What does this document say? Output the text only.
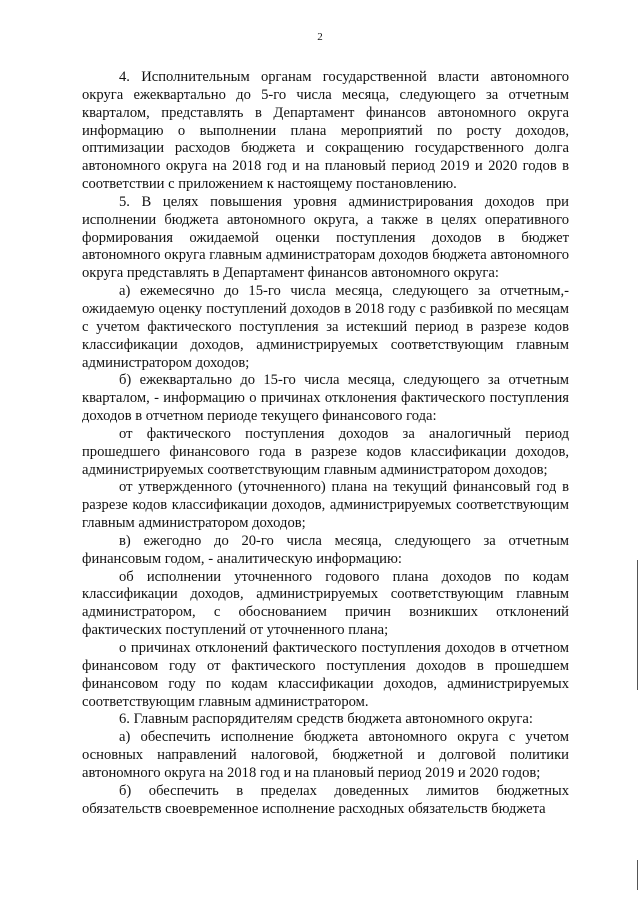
2

4. Исполнительным органам государственной власти автономного округа ежеквартально до 5-го числа месяца, следующего за отчетным кварталом, представлять в Департамент финансов автономного округа информацию о выполнении плана мероприятий по росту доходов, оптимизации расходов бюджета и сокращению государственного долга автономного округа на 2018 год и на плановый период 2019 и 2020 годов в соответствии с приложением к настоящему постановлению.

5. В целях повышения уровня администрирования доходов при исполнении бюджета автономного округа, а также в целях оперативного формирования ожидаемой оценки поступления доходов в бюджет автономного округа главным администраторам доходов бюджета автономного округа представлять в Департамент финансов автономного округа:

а) ежемесячно до 15-го числа месяца, следующего за отчетным,- ожидаемую оценку поступлений доходов в 2018 году с разбивкой по месяцам с учетом фактического поступления за истекший период в разрезе кодов классификации доходов, администрируемых соответствующим главным администратором доходов;

б) ежеквартально до 15-го числа месяца, следующего за отчетным кварталом, - информацию о причинах отклонения фактического поступления доходов в отчетном периоде текущего финансового года:

от фактического поступления доходов за аналогичный период прошедшего финансового года в разрезе кодов классификации доходов, администрируемых соответствующим главным администратором доходов;

от утвержденного (уточненного) плана на текущий финансовый год в разрезе кодов классификации доходов, администрируемых соответствующим главным администратором доходов;

в) ежегодно до 20-го числа месяца, следующего за отчетным финансовым годом, - аналитическую информацию:

об исполнении уточненного годового плана доходов по кодам классификации доходов, администрируемых соответствующим главным администратором, с обоснованием причин возникших отклонений фактических поступлений от уточненного плана;

о причинах отклонений фактического поступления доходов в отчетном финансовом году от фактического поступления доходов в прошедшем финансовом году по кодам классификации доходов, администрируемых соответствующим главным администратором.

6. Главным распорядителям средств бюджета автономного округа:

а) обеспечить исполнение бюджета автономного округа с учетом основных направлений налоговой, бюджетной и долговой политики автономного округа на 2018 год и на плановый период 2019 и 2020 годов;

б) обеспечить в пределах доведенных лимитов бюджетных обязательств своевременное исполнение расходных обязательств бюджета
